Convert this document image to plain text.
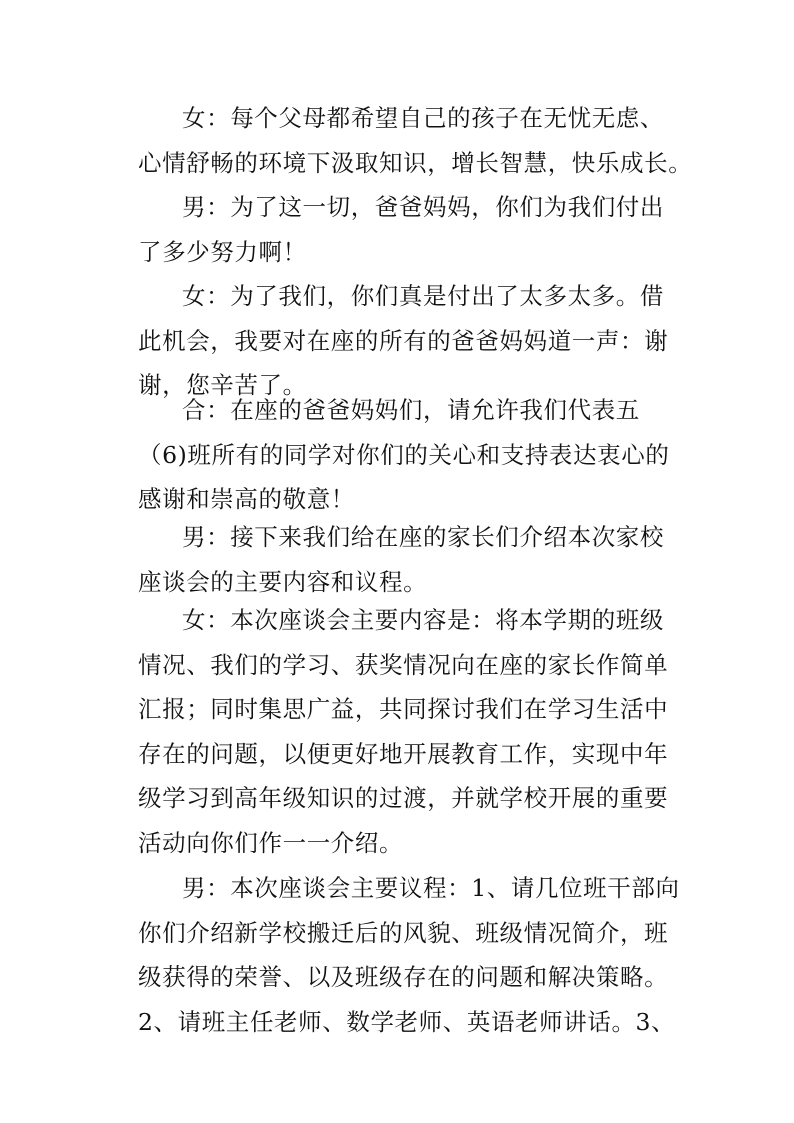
女：每个父母都希望自己的孩子在无忧无虑、
心情舒畅的环境下汲取知识，增长智慧，快乐成长。

男：为了这一切，爸爸妈妈，你们为我们付出
了多少努力啊！

女：为了我们，你们真是付出了太多太多。借
此机会，我要对在座的所有的爸爸妈妈道一声：谢
谢，您辛苦了。

合：在座的爸爸妈妈们，请允许我们代表五
（6)班所有的同学对你们的关心和支持表达衷心的
感谢和崇高的敬意！

男：接下来我们给在座的家长们介绍本次家校
座谈会的主要内容和议程。

女：本次座谈会主要内容是：将本学期的班级
情况、我们的学习、获奖情况向在座的家长作简单
汇报；同时集思广益，共同探讨我们在学习生活中
存在的问题，以便更好地开展教育工作，实现中年
级学习到高年级知识的过渡，并就学校开展的重要
活动向你们作一一介绍。

男：本次座谈会主要议程：1、请几位班干部向
你们介绍新学校搬迁后的风貌、班级情况简介，班
级获得的荣誉、以及班级存在的问题和解决策略。
2、请班主任老师、数学老师、英语老师讲话。3、
